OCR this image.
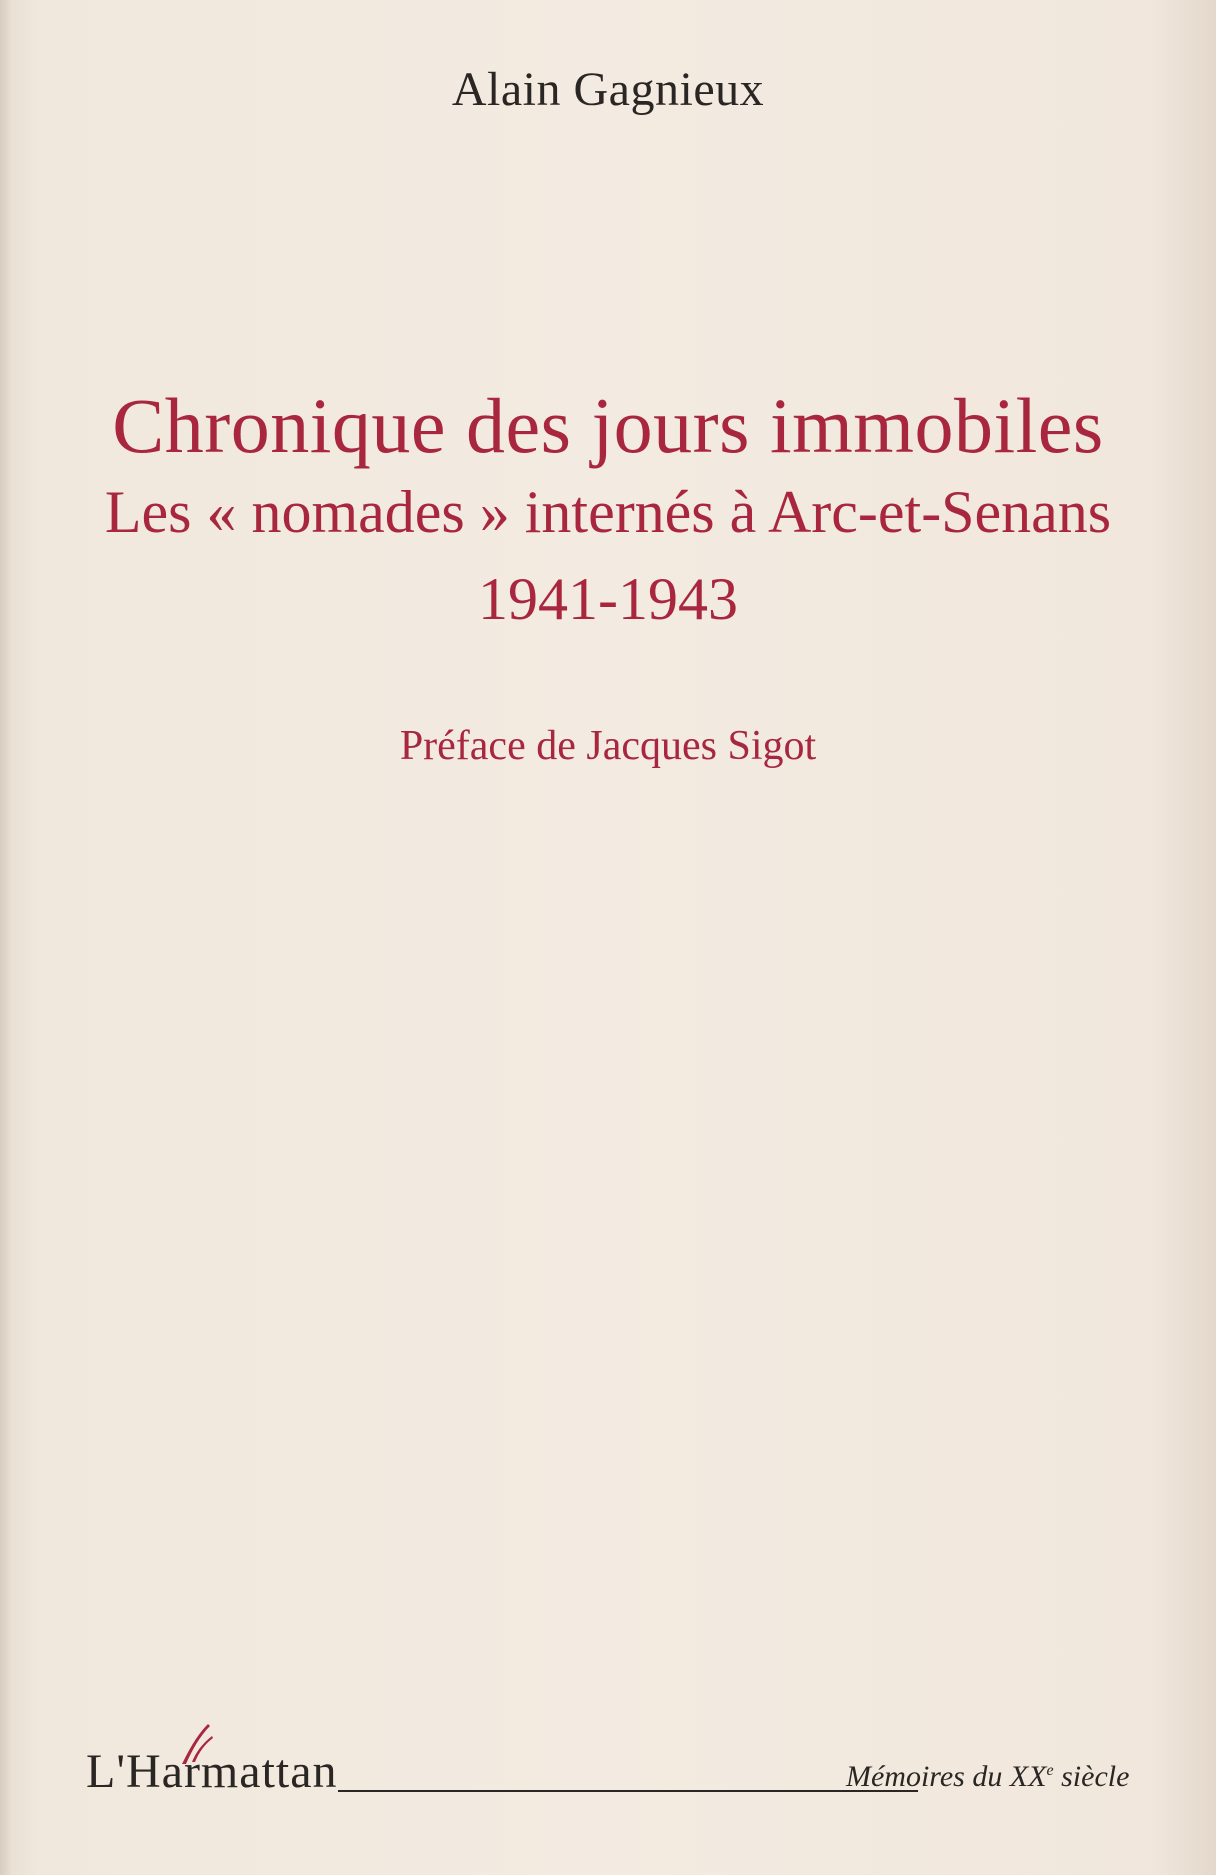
Alain Gagnieux
Chronique des jours immobiles
Les « nomades » internés à Arc-et-Senans
1941-1943
Préface de Jacques Sigot
L'Harmattan	Mémoires du XXe siècle
